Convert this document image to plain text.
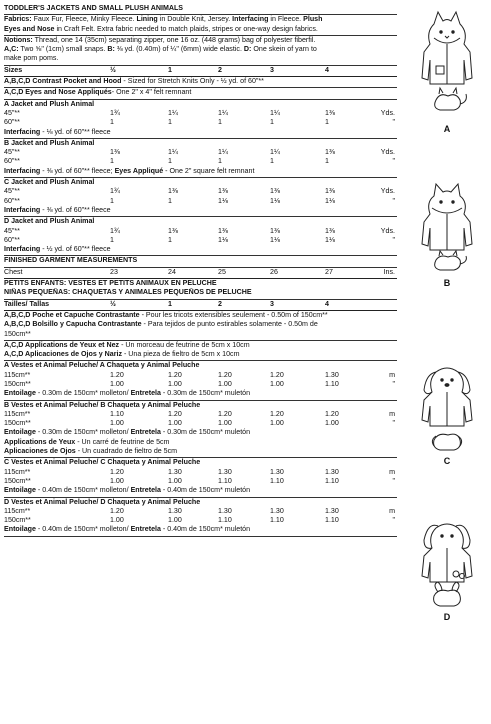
TODDLER'S JACKETS AND SMALL PLUSH ANIMALS
Fabrics: Faux Fur, Fleece, Minky Fleece. Lining in Double Knit, Jersey. Interfacing in Fleece. Plush
Eyes and Nose in Craft Felt. Extra fabric needed to match plaids, stripes or one-way design fabrics.
Notions: Thread, one 14 (35cm) separating zipper, one 16 oz. (448 grams) bag of polyester fiberfil.
A,C: Two ⅝" (1cm) small snaps. B: ⅜ yd. (0.40m) of ¼" (6mm) wide elastic. D: One skein of yarn to
make pom poms.
Sizes	½	1	2	3	4
A,B,C,D Contrast Pocket and Hood - Sized for Stretch Knits Only - ½ yd. of 60"**
A,C,D Eyes and Nose Appliqués- One 2" x 4" felt remnant
A Jacket and Plush Animal
45"**	1¾	1¼	1¼	1¼	1⅜	Yds.
60"**	1	1	1	1	1	"
Interfacing - ⅛ yd. of 60"** fleece
B Jacket and Plush Animal
45"**	1⅜	1¼	1¼	1¼	1⅜	Yds.
60"**	1	1	1	1	1	"
Interfacing - ⅜ yd. of 60"** fleece; Eyes Appliqué - One 2" square felt remnant
C Jacket and Plush Animal
45"**	1¾	1⅜	1⅜	1⅜	1⅜	Yds.
60"**	1	1	1⅛	1⅛	1⅛	"
Interfacing - ⅜ yd. of 60"** fleece
D Jacket and Plush Animal
45"**	1¾	1⅜	1⅜	1⅜	1⅜	Yds.
60"**	1	1	1⅛	1⅛	1⅛	"
Interfacing - ½ yd. of 60"** fleece
FINISHED GARMENT MEASUREMENTS
Chest	23	24	25	26	27	Ins.
PETITS ENFANTS: VESTES ET PETITS ANIMAUX EN PELUCHE
NIÑAS PEQUEÑAS: CHAQUETAS Y ANIMALES PEQUEÑOS DE PELUCHE
Tailles/ Tallas	½	1	2	3	4
A,B,C,D Poche et Capuche Contrastante - Pour les tricots extensibles seulement - 0.50m of 150cm**
A,B,C,D Bolsillo y Capucha Contrastante - Para tejidos de punto estirables solamente - 0.50m de
150cm**
A,C,D Applications de Yeux et Nez - Un morceau de feutrine de 5cm x 10cm
A,C,D Aplicaciones de Ojos y Nariz - Una pieza de fieltro de 5cm x 10cm
A Vestes et Animal Peluche/ A Chaqueta y Animal Peluche
115cm**	1.20	1.20	1.20	1.20	1.30	m
150cm**	1.00	1.00	1.00	1.00	1.10	"
Entoilage - 0.30m de 150cm* molleton/ Entretela - 0.30m de 150cm* muletón
B Vestes et Animal Peluche/ B Chaqueta y Animal Peluche
115cm**	1.10	1.20	1.20	1.20	1.20	m
150cm**	1.00	1.00	1.00	1.00	1.00	"
Entoilage - 0.30m de 150cm* molleton/ Entretela - 0.30m de 150cm* muletón
Applications de Yeux - Un carré de feutrine de 5cm
Aplicaciones de Ojos - Un cuadrado de fieltro de 5cm
C Vestes et Animal Peluche/ C Chaqueta y Animal Peluche
115cm**	1.20	1.30	1.30	1.30	1.30	m
150cm**	1.00	1.00	1.10	1.10	1.10	"
Entoilage - 0.40m de 150cm* molleton/ Entretela - 0.40m de 150cm* muletón
D Vestes et Animal Peluche/ D Chaqueta y Animal Peluche
115cm**	1.20	1.30	1.30	1.30	1.30	m
150cm**	1.00	1.00	1.10	1.10	1.10	"
Entoilage - 0.40m de 150cm* molleton/ Entretela - 0.40m de 150cm* muletón
A
B
C
D
